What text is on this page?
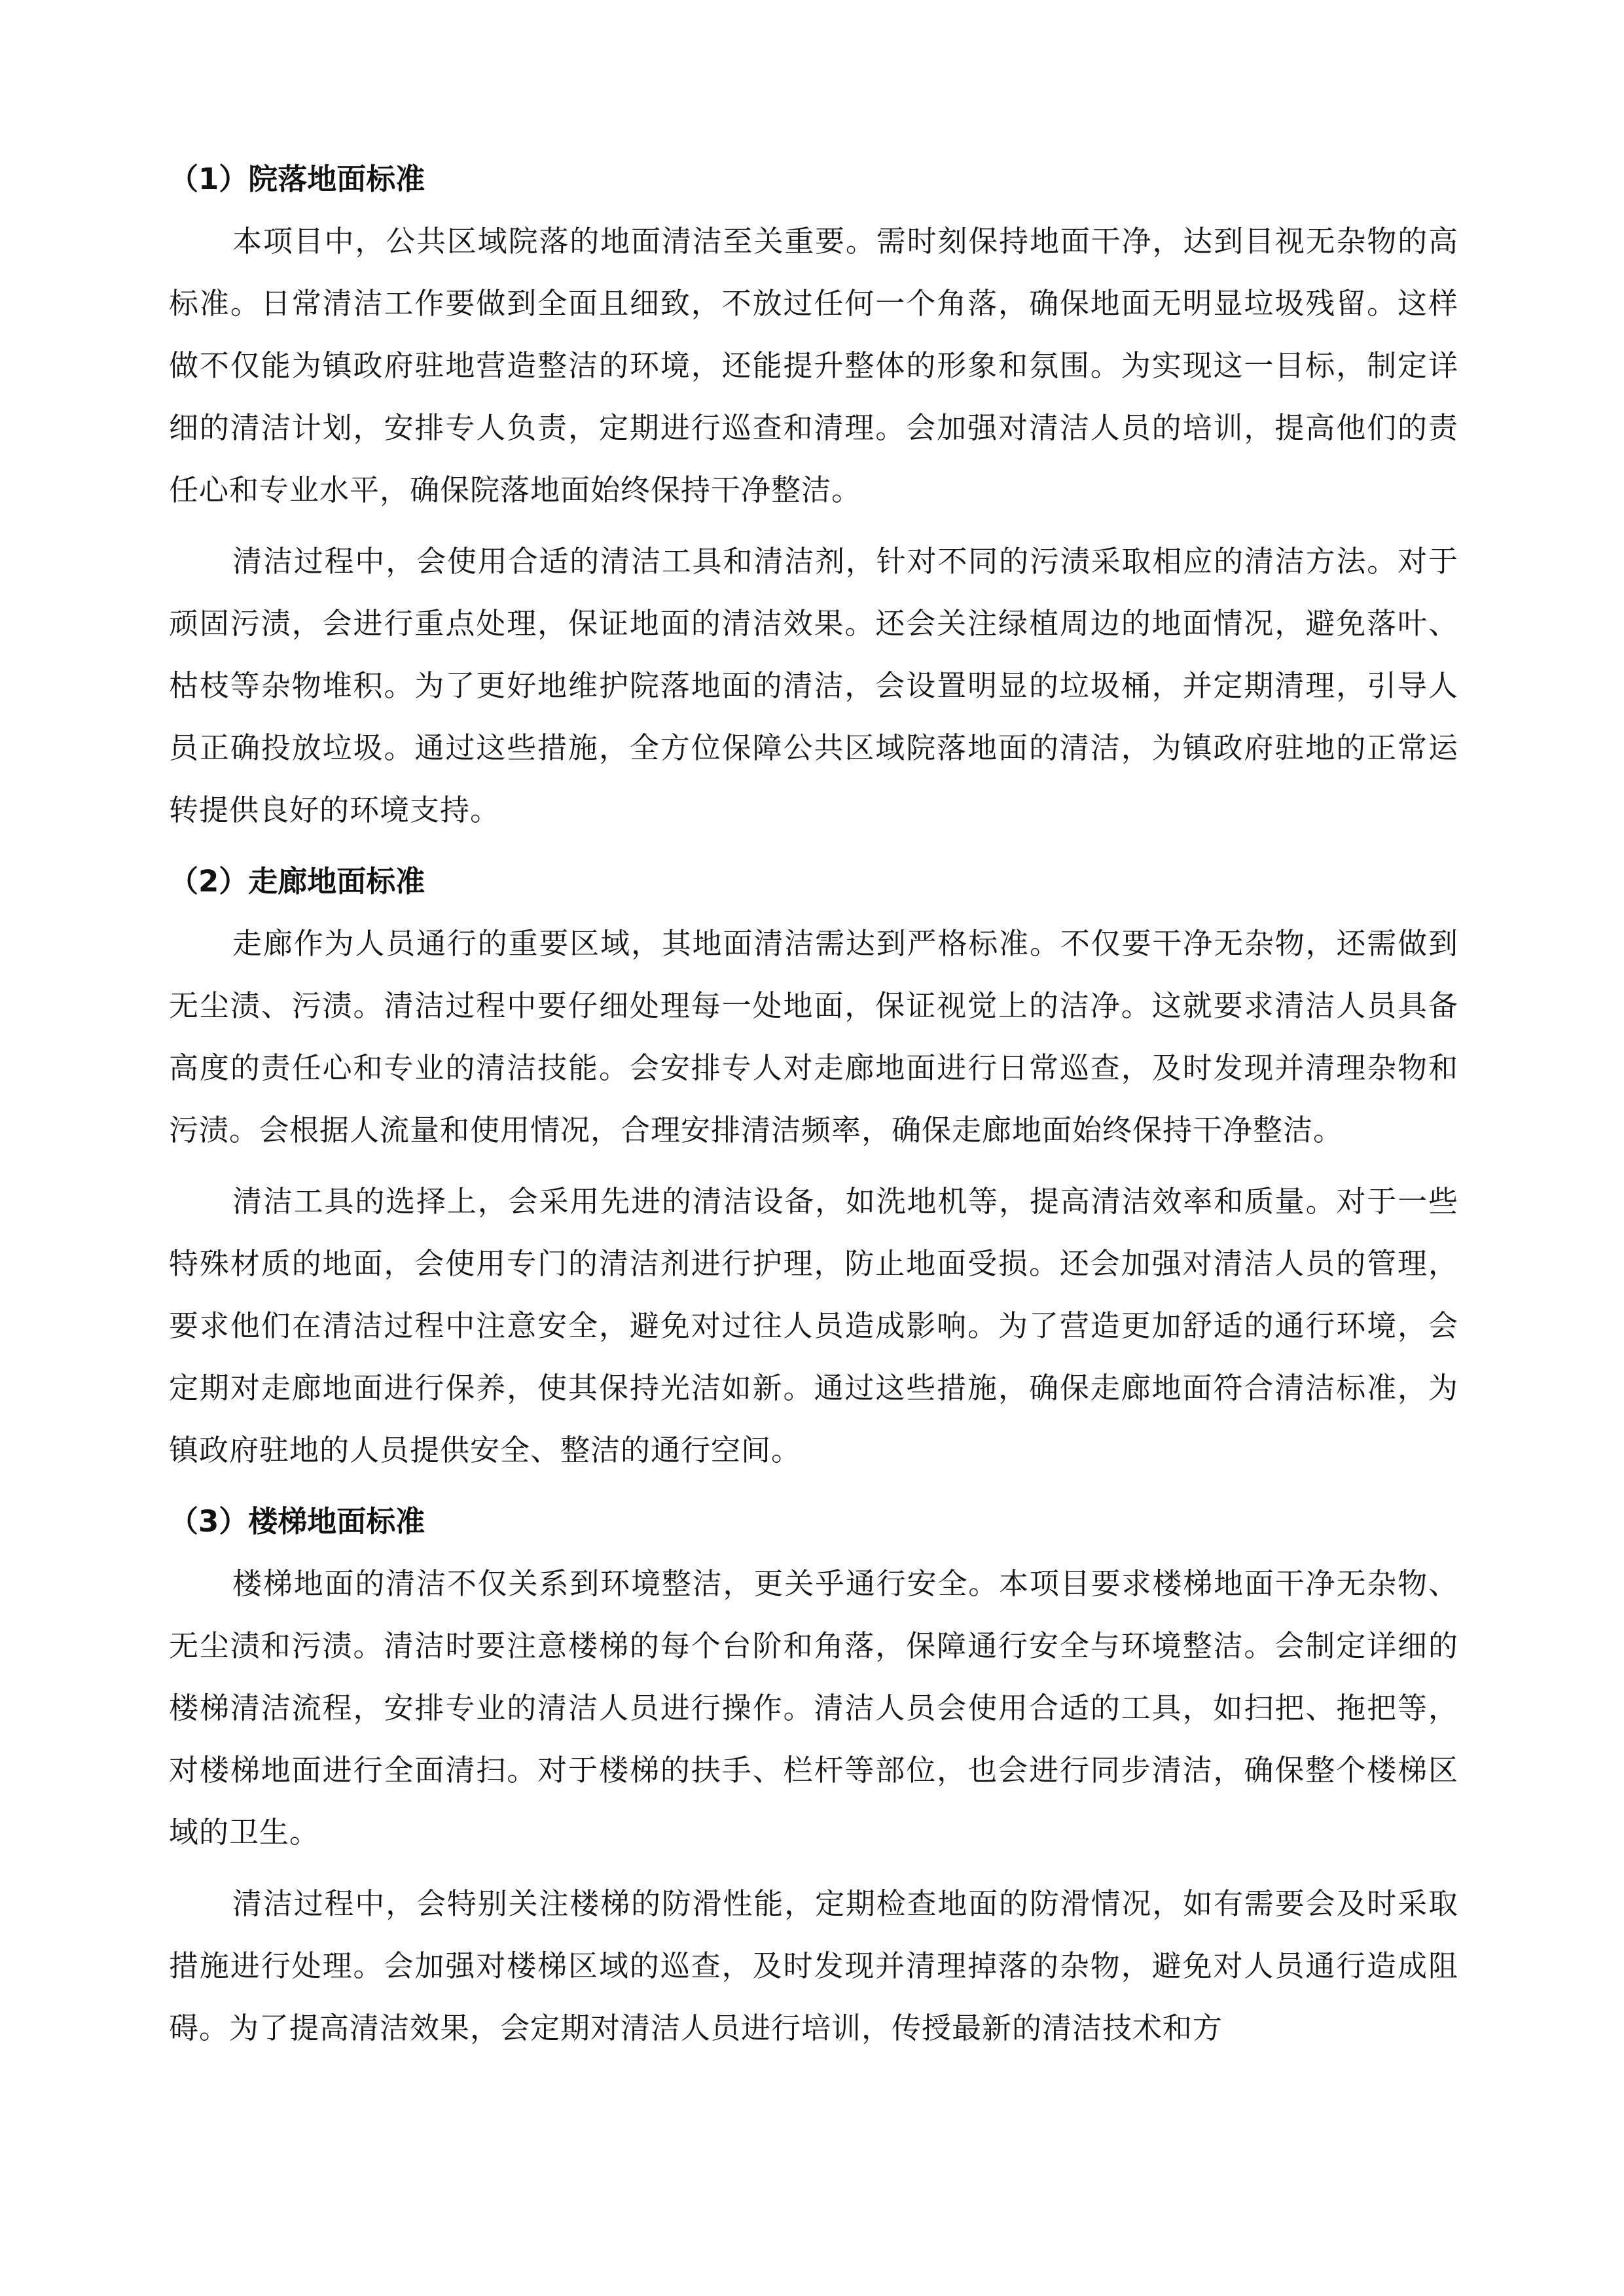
（1）院落地面标准

本项目中，公共区域院落的地面清洁至关重要。需时刻保持地面干净，达到目视无杂物的高标准。日常清洁工作要做到全面且细致，不放过任何一个角落，确保地面无明显垃圾残留。这样做不仅能为镇政府驻地营造整洁的环境，还能提升整体的形象和氛围。为实现这一目标，制定详细的清洁计划，安排专人负责，定期进行巡查和清理。会加强对清洁人员的培训，提高他们的责任心和专业水平，确保院落地面始终保持干净整洁。

清洁过程中，会使用合适的清洁工具和清洁剂，针对不同的污渍采取相应的清洁方法。对于顽固污渍，会进行重点处理，保证地面的清洁效果。还会关注绿植周边的地面情况，避免落叶、枯枝等杂物堆积。为了更好地维护院落地面的清洁，会设置明显的垃圾桶，并定期清理，引导人员正确投放垃圾。通过这些措施，全方位保障公共区域院落地面的清洁，为镇政府驻地的正常运转提供良好的环境支持。

（2）走廊地面标准

走廊作为人员通行的重要区域，其地面清洁需达到严格标准。不仅要干净无杂物，还需做到无尘渍、污渍。清洁过程中要仔细处理每一处地面，保证视觉上的洁净。这就要求清洁人员具备高度的责任心和专业的清洁技能。会安排专人对走廊地面进行日常巡查，及时发现并清理杂物和污渍。会根据人流量和使用情况，合理安排清洁频率，确保走廊地面始终保持干净整洁。

清洁工具的选择上，会采用先进的清洁设备，如洗地机等，提高清洁效率和质量。对于一些特殊材质的地面，会使用专门的清洁剂进行护理，防止地面受损。还会加强对清洁人员的管理，要求他们在清洁过程中注意安全，避免对过往人员造成影响。为了营造更加舒适的通行环境，会定期对走廊地面进行保养，使其保持光洁如新。通过这些措施，确保走廊地面符合清洁标准，为镇政府驻地的人员提供安全、整洁的通行空间。

（3）楼梯地面标准

楼梯地面的清洁不仅关系到环境整洁，更关乎通行安全。本项目要求楼梯地面干净无杂物、无尘渍和污渍。清洁时要注意楼梯的每个台阶和角落，保障通行安全与环境整洁。会制定详细的楼梯清洁流程，安排专业的清洁人员进行操作。清洁人员会使用合适的工具，如扫把、拖把等，对楼梯地面进行全面清扫。对于楼梯的扶手、栏杆等部位，也会进行同步清洁，确保整个楼梯区域的卫生。

清洁过程中，会特别关注楼梯的防滑性能，定期检查地面的防滑情况，如有需要会及时采取措施进行处理。会加强对楼梯区域的巡查，及时发现并清理掉落的杂物，避免对人员通行造成阻碍。为了提高清洁效果，会定期对清洁人员进行培训，传授最新的清洁技术和方
